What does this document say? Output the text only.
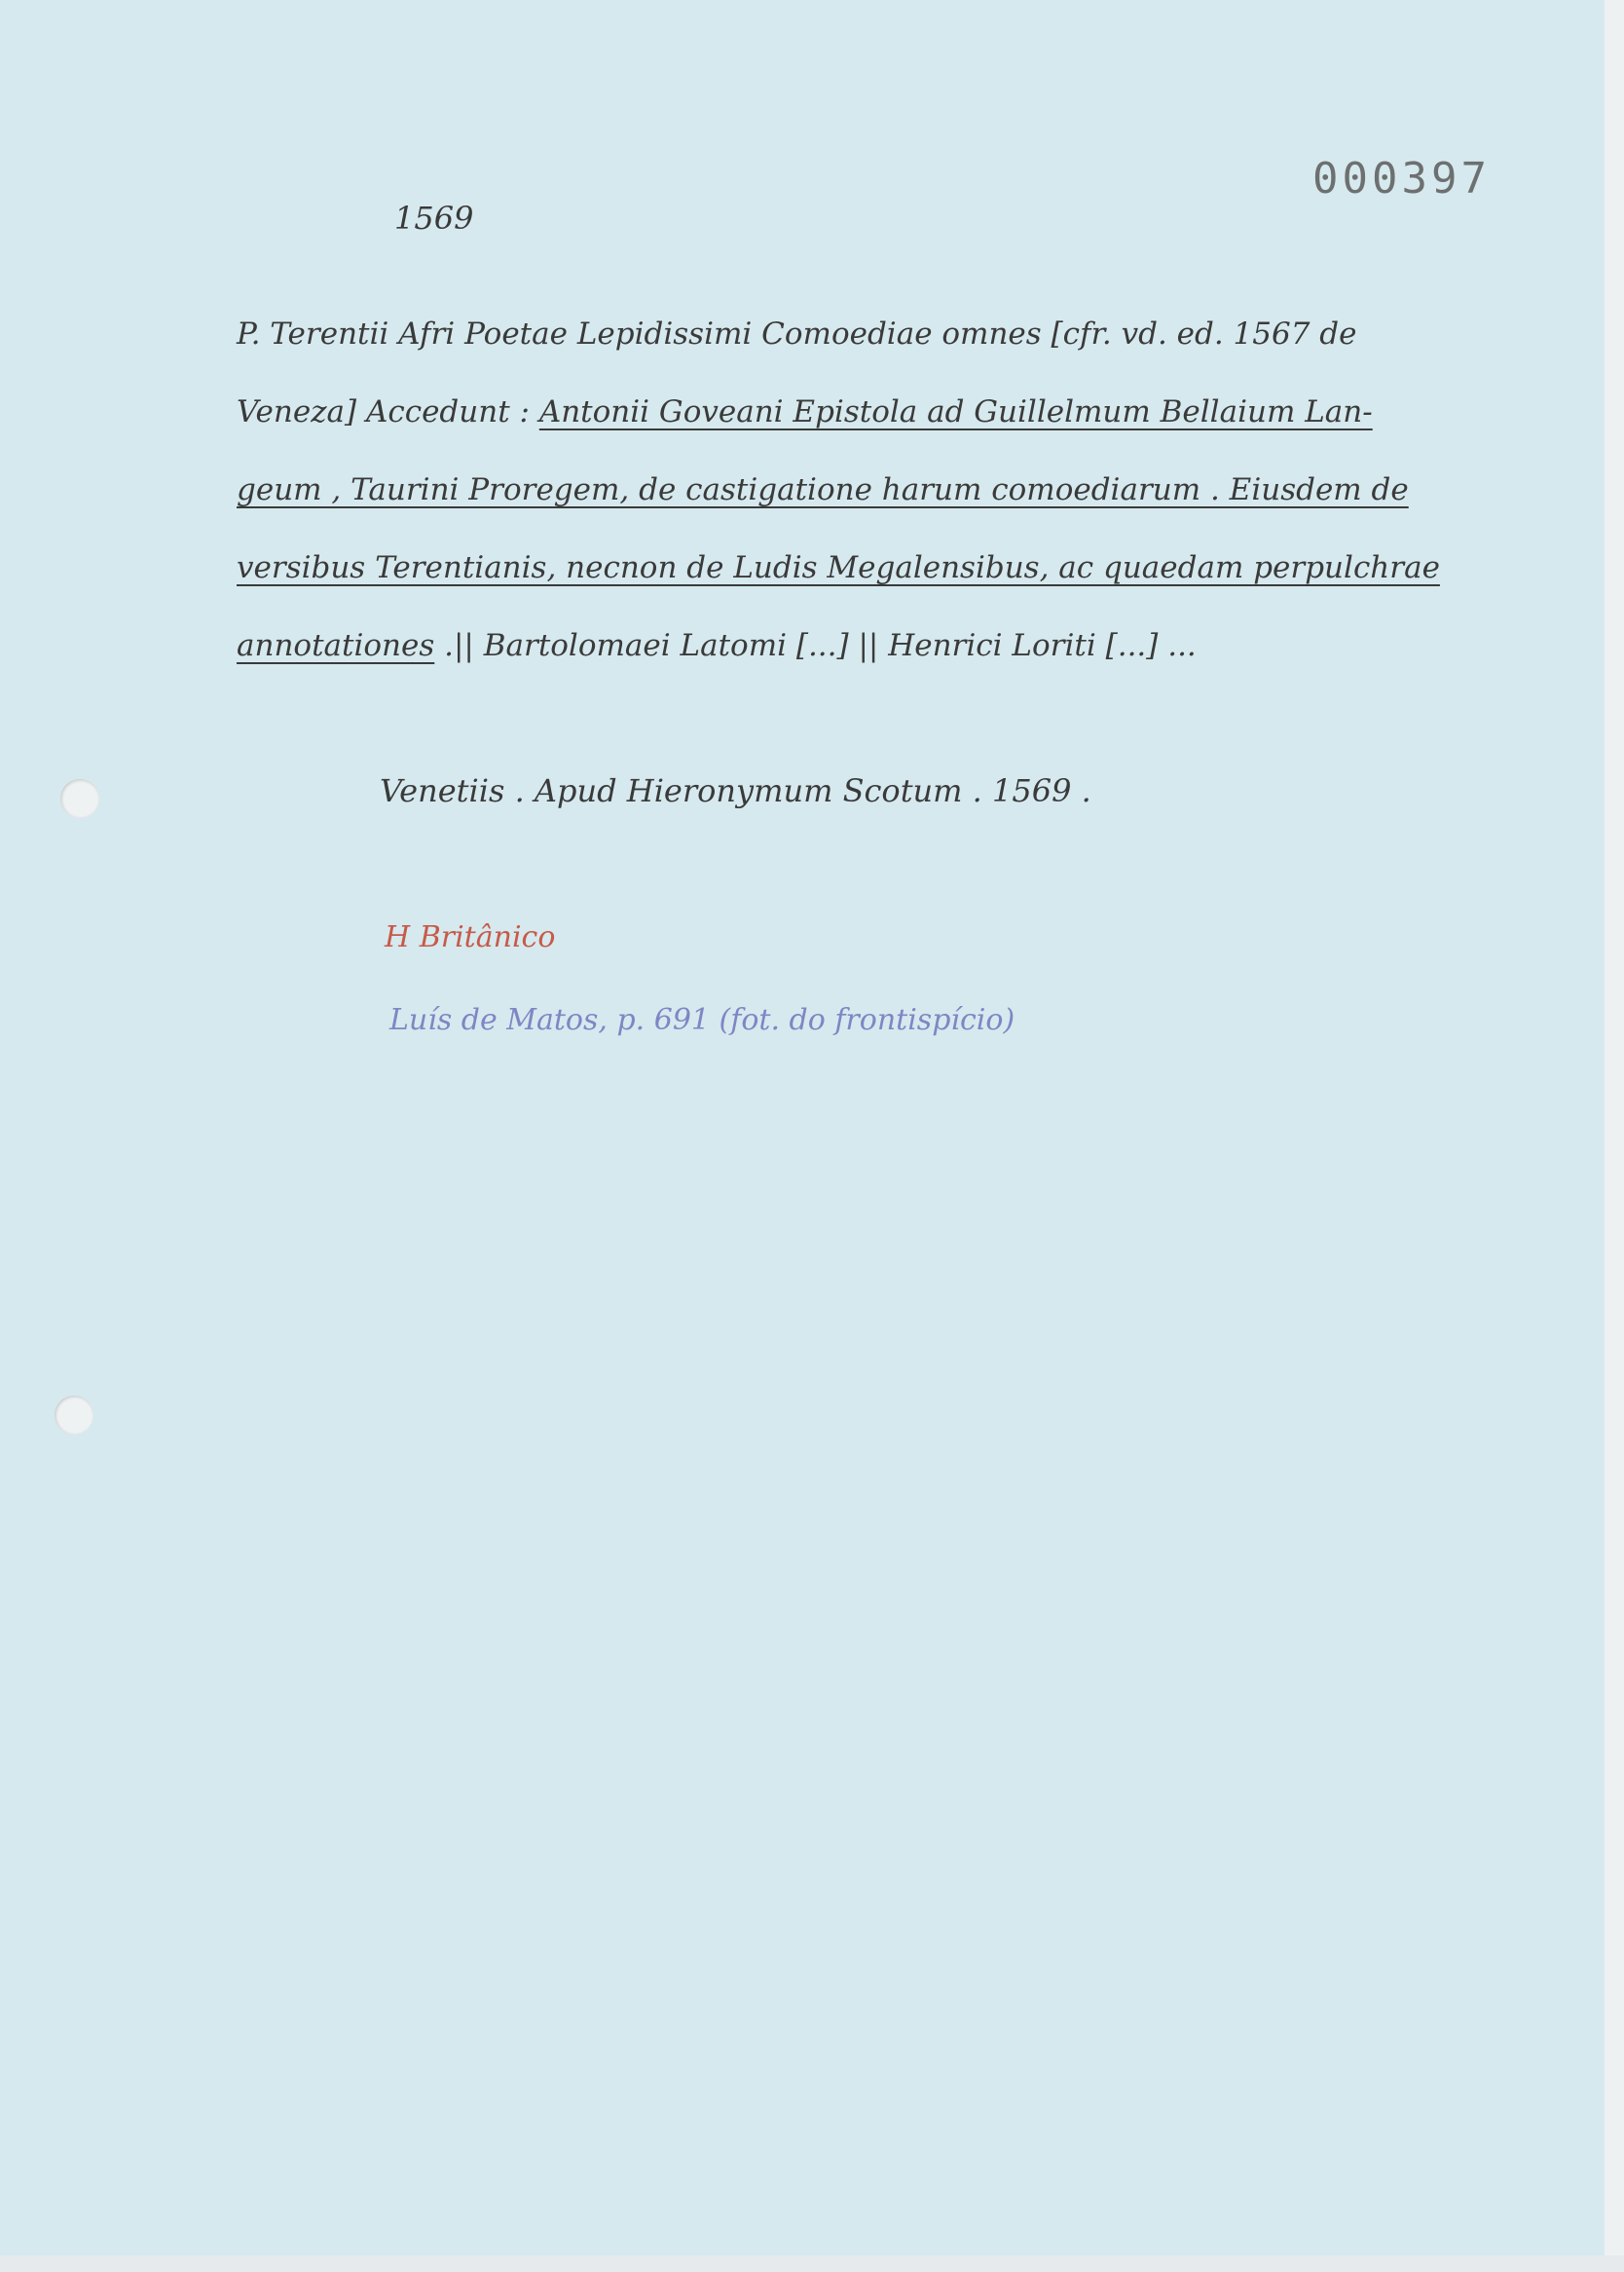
000397
1569
P. Terentii Afri Poetae Lepidissimi Comoediae omnes [cfr. vd. ed. 1567 de
Veneza] Accedunt : Antonii Goveani Epistola ad Guillelmum Bellaium Lan-
geum , Taurini Proregem, de castigatione harum comoediarum . Eiusdem de
versibus Terentianis, necnon de Ludis Megalensibus, ac quaedam perpulchrae
annotationes .|| Bartolomaei Latomi [...] || Henrici Loriti [...] ...
Venetiis . Apud Hieronymum Scotum . 1569 .
H Britânico
Luís de Matos, p. 691 (fot. do frontispício)
